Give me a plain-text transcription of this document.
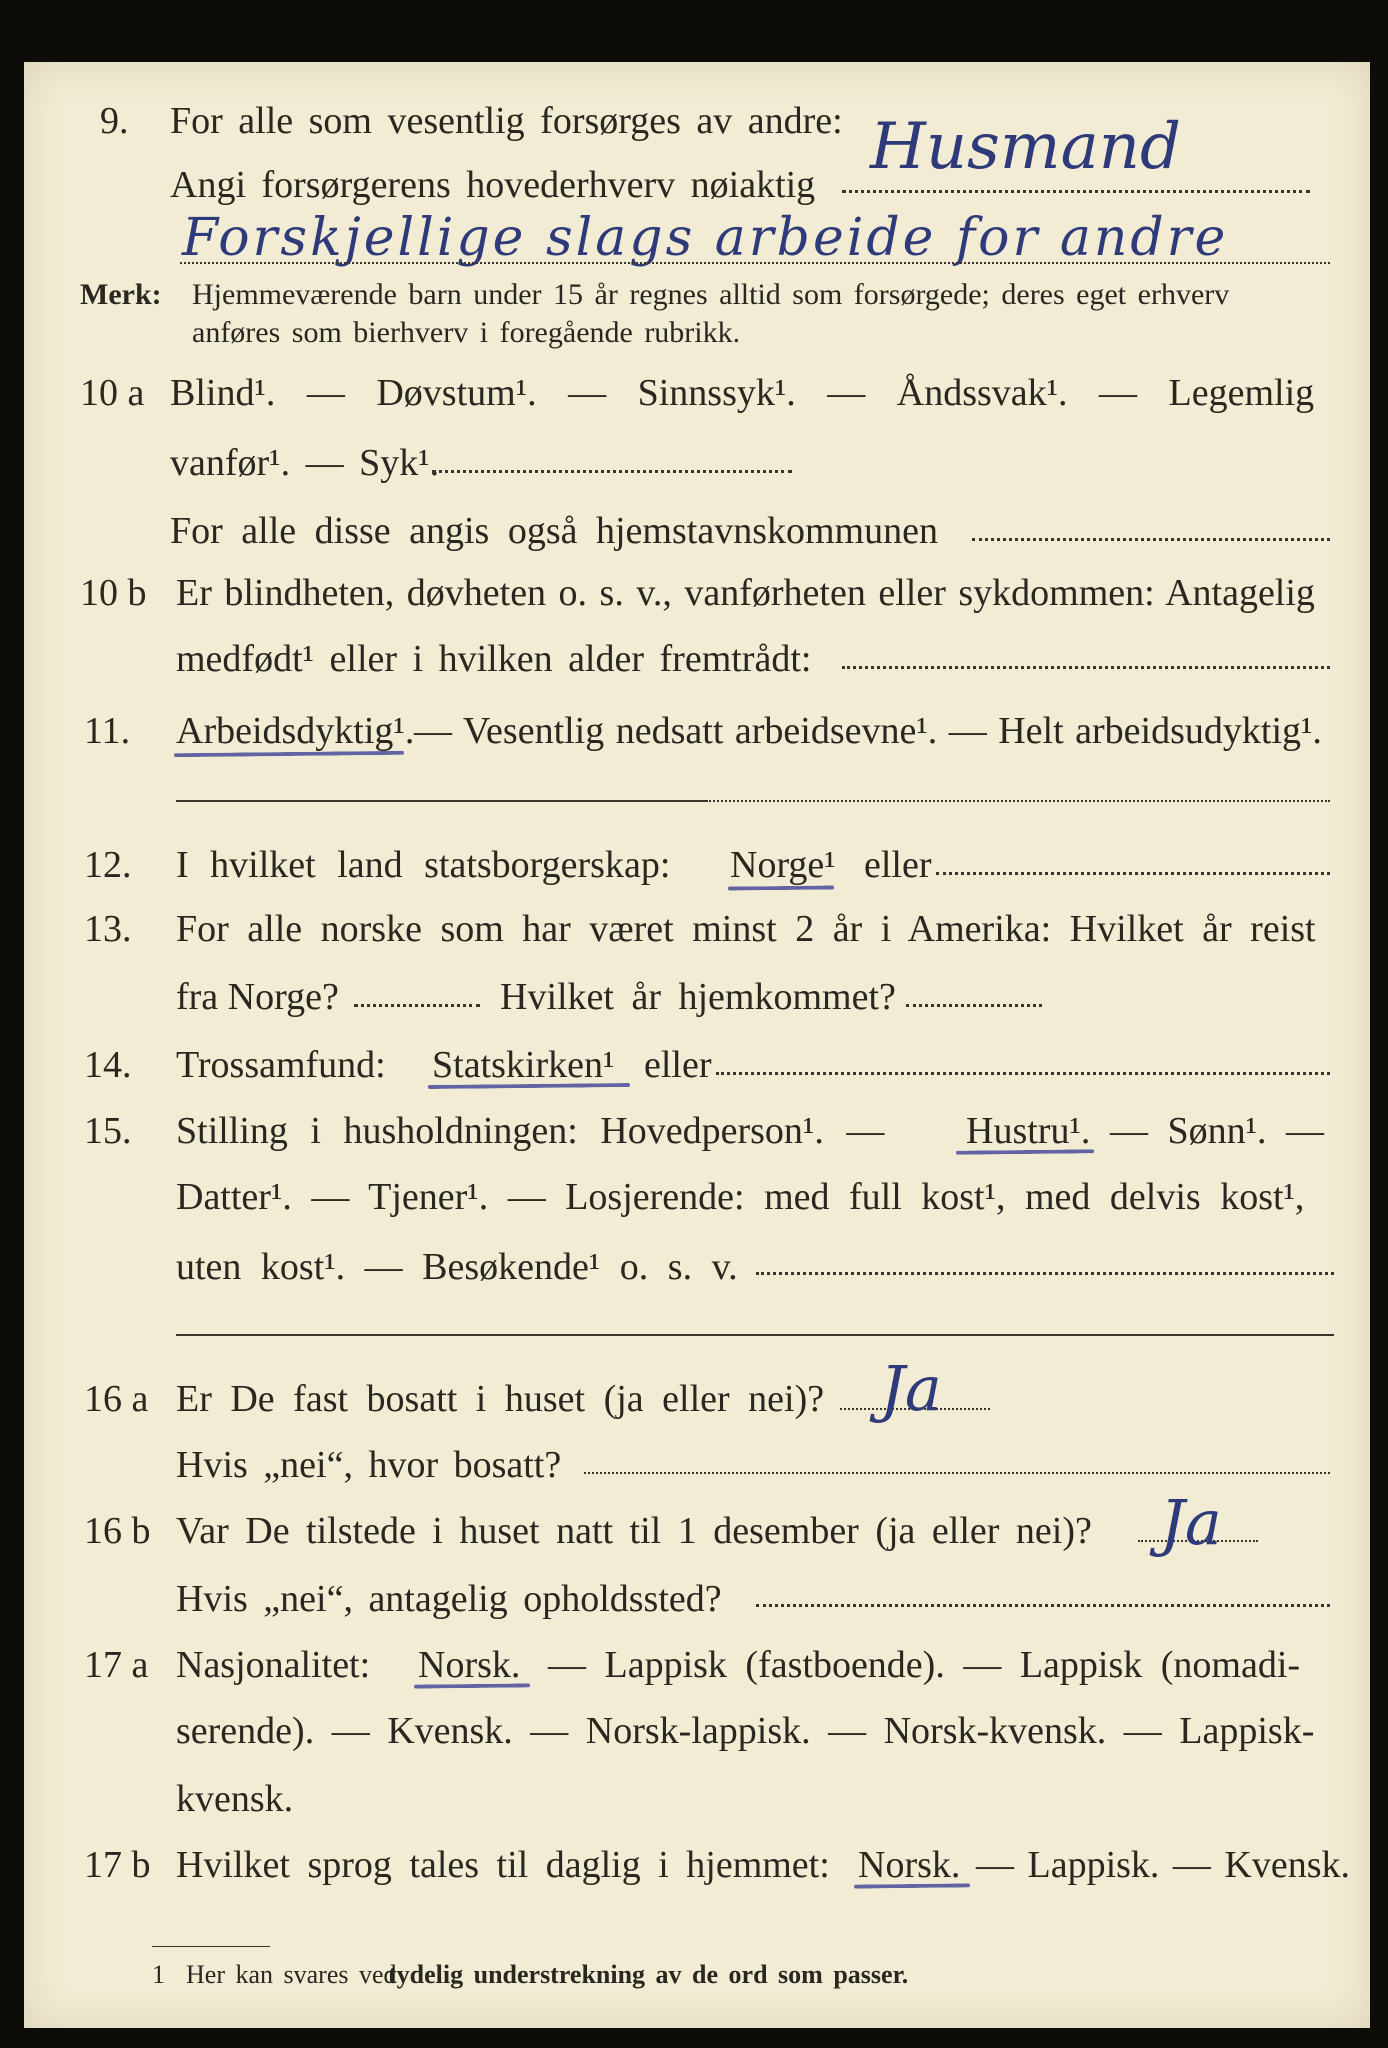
9. For alle som vesentlig forsørges av andre:
Angi forsørgerens hovederhverv nøiaktig
Husmand
Forskjellige slags arbeide for andre
Merk: Hjemmeværende barn under 15 år regnes alltid som forsørgede; deres eget erhverv
anføres som bierhverv i foregående rubrikk.
10 a Blind¹. — Døvstum¹. — Sinnssyk¹. — Åndssvak¹. — Legemlig
vanfør¹. — Syk¹.
For alle disse angis også hjemstavnskommunen
10 b Er blindheten, døvheten o. s. v., vanførheten eller sykdommen: Antagelig
medfødt¹ eller i hvilken alder fremtrådt:
11. Arbeidsdyktig¹. — Vesentlig nedsatt arbeidsevne¹. — Helt arbeidsudyktig¹.
12. I hvilket land statsborgerskap: Norge¹ eller
13. For alle norske som har været minst 2 år i Amerika: Hvilket år reist
fra Norge?	Hvilket år hjemkommet?
14. Trossamfund: Statskirken¹ eller
15. Stilling i husholdningen: Hovedperson¹. — Hustru¹. — Sønn¹. —
Datter¹. — Tjener¹. — Losjerende: med full kost¹, med delvis kost¹,
uten kost¹. — Besøkende¹ o. s. v.
16 a Er De fast bosatt i huset (ja eller nei)? Ja
Hvis „nei“, hvor bosatt?
16 b Var De tilstede i huset natt til 1 desember (ja eller nei)? Ja
Hvis „nei“, antagelig opholdssted?
17 a Nasjonalitet: Norsk. — Lappisk (fastboende). — Lappisk (nomadi-
serende). — Kvensk. — Norsk-lappisk. — Norsk-kvensk. — Lappisk-
kvensk.
17 b Hvilket sprog tales til daglig i hjemmet: Norsk. — Lappisk. — Kvensk.
1 Her kan svares ved
tydelig understrekning av de ord som passer.
